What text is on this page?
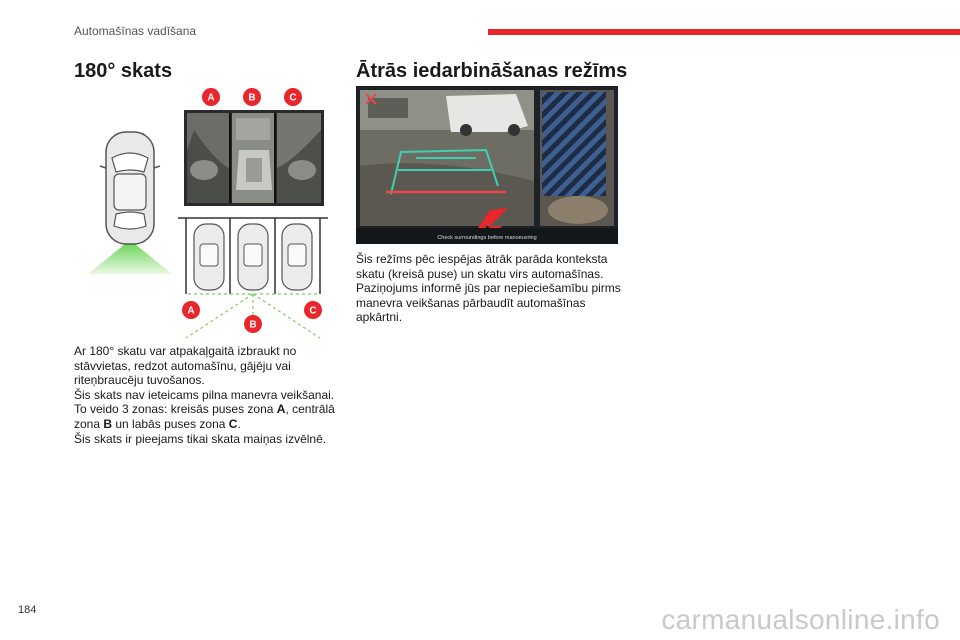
Automašīnas vadīšana
180° skats
A	B	C
A
B
C

Ar 180° skatu var atpakaļgaitā izbraukt no stāvvietas, redzot automašīnu, gājēju vai riteņbraucēju tuvošanos.

Šis skats nav ieteicams pilna manevra veikšanai.

To veido 3 zonas: kreisās puses zona A, centrālā zona B un labās puses zona C.

Šis skats ir pieejams tikai skata maiņas izvēlnē.

Ātrās iedarbināšanas režīms
Check surroundings before manoeuvring
Šis režīms pēc iespējas ātrāk parāda konteksta skatu (kreisā puse) un skatu virs automašīnas. Paziņojums informē jūs par nepieciešamību pirms manevra veikšanas pārbaudīt automašīnas apkārtni.
184	carmanualsonline.info
